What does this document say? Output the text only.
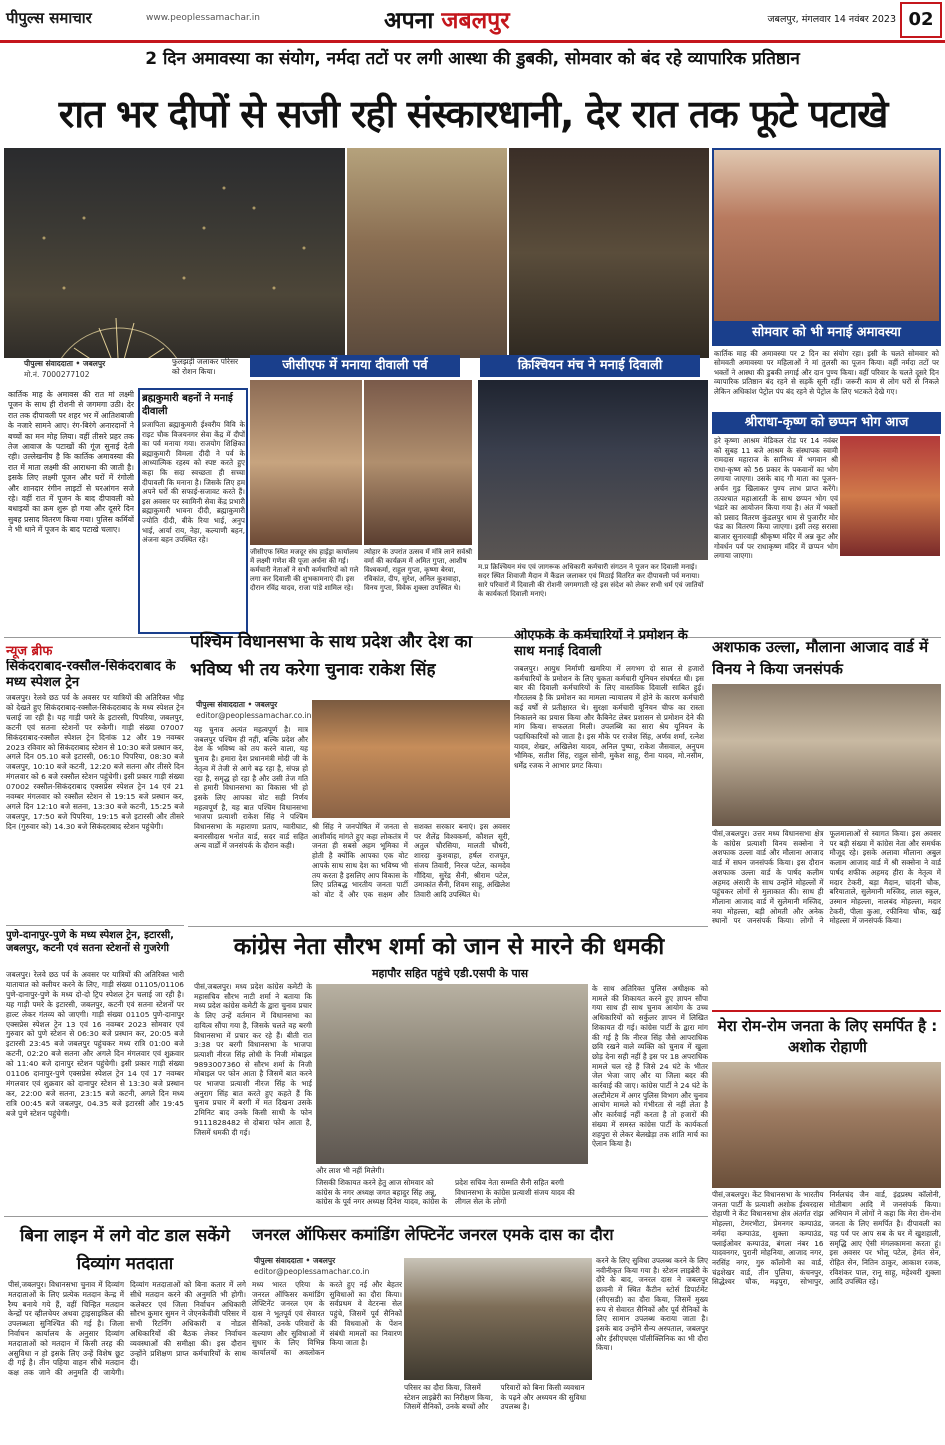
पीपुल्स समाचार	www.peoplessamachar.in	अपना जबलपुर	जबलपुर, मंगलवार 14 नवंबर 2023 02
2 दिन अमावस्या का संयोग, नर्मदा तटों पर लगी आस्था की डुबकी, सोमवार को बंद रहे व्यापारिक प्रतिष्ठान
रात भर दीपों से सजी रही संस्कारधानी, देर रात तक फूटे पटाखे
सोमवार को भी मनाई अमावस्या
कार्तिक माह की अमावस्या पर 2 दिन का संयोग रहा। इसी के चलते सोमवार को सोमवती अमावस्या पर महिलाओं ने मां तुलसी का पूजन किया। वहीं नर्मदा तटों पर भक्तों ने आस्था की डुबकी लगाई और दान पुण्य किया। वहीं परिवार के चलते दूसरे दिन व्यापारिक प्रतिष्ठान बंद रहने से सड़कें सूनी रहीं। जरूरी काम से लोग घरों से निकले लेकिन अधिकांश पेट्रोल पंप बंद रहने से पेट्रोल के लिए भटकते देखे गए।
पीपुल्स संवाददाता • जबलपुर
मो.नं. 7000277102
फुलझड़ी जलाकर परिसर को रोशन किया।	जीसीएफ में मनाया दीवाली पर्व	क्रिश्चियन मंच ने मनाई दिवाली
कार्तिक माह के अमावस की रात मां लक्ष्मी पूजन के साथ ही रोशनी से जगमगा उठी। देर रात तक दीपावली पर शहर भर में आतिशबाजी के नजारे सामने आए। रंग-बिरंगे अनारदानों ने बच्चों का मन मोह लिया। वहीं तीसरे प्रहर तक तेज आवाज के पटाखों की गूंज सुनाई देती रही। उल्लेखनीय है कि कार्तिक अमावस्या की रात में माता लक्ष्मी की आराधना की जाती है। इसके लिए लक्ष्मी पूजन और घरों में रंगोली और शानदार रंगीन लाइटों से घरआंगन सजे रहे। वहीं रात में पूजन के बाद दीपावली को बधाइयों का क्रम शुरू हो गया और दूसरे दिन सुबह प्रसाद वितरण किया गया। पुलिस कर्मियों ने भी थाने में पूजन के बाद पटाखे चलाए।
ब्रह्मकुमारी बहनों ने मनाई दीवाली
प्रजापिता ब्रह्माकुमारी ईश्वरीय विवि के राइट चौक विजयनगर सेवा केंद्र में दीपों का पर्व मनाया गया। राजयोग शिक्षिका ब्रह्माकुमारी विमला दीदी ने पर्व के आध्यात्मिक रहस्य को स्पष्ट करते हुए कहा कि सदा स्वच्छता ही सच्चा दीपावली कि मनाना है। जिसके लिए हम अपने घरों की सफाई-सजावट करते हैं। इस अवसर पर स्वामिनी सेवा केंद्र प्रभारी ब्रह्माकुमारी भावना दीदी, ब्रह्माकुमारी ज्योति दीदी, बीके रिया भाई, अनुप भाई, आर्या राय, नेहा, कल्याणी बहन, अंजना बहन उपस्थित रहे।
जीसीएफ स्थित मजदूर संघ हाईड्रा कार्यालय में लक्ष्मी गणेश की पूजा अर्चना की गई। कर्मचारी नेताओं ने सभी कर्मचारियों को गले लगा कर दिवाली की शुभकामनाएं दीं। इस दौरान रविंद्र यादव, राजा पांडे शामिल रहे।
त्योहार के उपरांत उत्सव में मंत्रि लाने सर्वश्री वर्मा की कार्यक्रम में अमित गुप्ता, आशीष विश्वकर्मा, राहुल गुप्ता, कृष्णा बेरवा, रविकांत, दीप, सुरेश, अनिल कुशवाहा, विनय गुप्ता, विवेक शुक्ला उपस्थित थे।
म.प्र क्रिश्चियन मंच एवं जागरूक अधिकारी कर्मचारी संगठन ने पूजन कर दिवाली मनाई। सदर स्थित शिवाजी मैदान में कैंडल जलाकर एवं मिठाई वितरित कर दीपावली पर्व मनाया। सारे परिवारों में दिवाली की रोशनी जगमगाती रहे इस संदेश को लेकर सभी धर्म एवं जातियों के कार्यकर्ता दिवाली मनाएं।
श्रीराधा-कृष्ण को छप्पन भोग आज
हरे कृष्णा आश्रम मेडिकल रोड पर 14 नवंबर को सुबह 11 बजे आश्रम के संस्थापक स्वामी रामदास महाराज के सानिध्य में भगवान श्री राधा-कृष्ण को 56 प्रकार के पकवानों का भोग लगाया जाएगा। उसके बाद गौ माता का पूजन-अर्चन गुड़ खिलाकर पुण्य लाभ प्राप्त करेंगे। तत्पश्चात महाआरती के साथ छप्पन भोग एवं भंडारे का आयोजन किया गया है। अंत में भक्तों को प्रसाद वितरण कुंडलपुर धाम से पुजारीर मोर फंड का वितरण किया जाएगा। इसी तरह सरासा बाजार सुनारवाड़ी श्रीकृष्ण मंदिर में अन्न कूट और गोवर्धन पर्व पर राधाकृष्ण मंदिर में छप्पन भोग लगाया जाएगा।
न्यूज ब्रीफ
सिकंदराबाद-रक्सौल-सिकंदराबाद के मध्य स्पेशल ट्रेन
जबलपुर। रेलवे छठ पर्व के अवसर पर यात्रियों की अतिरिक्त भीड़ को देखते हुए सिकंदराबाद-रक्सौल-सिकंदराबाद के मध्य स्पेशल ट्रेन चलाई जा रही है। यह गाड़ी पमरे के इटारसी, पिपरिया, जबलपुर, कटनी एवं सतना स्टेशनों पर रुकेगी। गाड़ी संख्या 07007 सिकंदराबाद-रक्सौल स्पेशल ट्रेन दिनांक 12 और 19 नवम्बर 2023 रविवार को सिकंदराबाद स्टेशन से 10:30 बजे प्रस्थान कर, अगले दिन 05.10 बजे इटारसी, 06:10 पिपरिया, 08:30 बजे जबलपुर, 10:10 बजे कटनी, 12:20 बजे सतना और तीसरे दिन मंगलवार को 6 बजे रक्सौल स्टेशन पहुंचेगी। इसी प्रकार गाड़ी संख्या 07002 रक्सौल-सिकंदराबाद एक्सप्रेस स्पेशल ट्रेन 14 एवं 21 नवम्बर मंगलवार को रक्सौल स्टेशन से 19:15 बजे प्रस्थान कर, अगले दिन 12:10 बजे सतना, 13:30 बजे कटनी, 15:25 बजे जबलपुर, 17:50 बजे पिपरिया, 19:15 बजे इटारसी और तीसरे दिन (गुरुवार को) 14.30 बजे सिकंदराबाद स्टेशन पहुंचेगी।
पुणे-दानापुर-पुणे के मध्य स्पेशल ट्रेन, इटारसी, जबलपुर, कटनी एवं सतना स्टेशनों से गुजरेगी
जबलपुर। रेलवे छठ पर्व के अवसर पर यात्रियों की अतिरिक्त भारी यातायात को क्लीयर करने के लिए, गाड़ी संख्या 01105/01106 पुणे-दानापुर-पुणे के मध्य दो-दो ट्रिप स्पेशल ट्रेन चलाई जा रही है। यह गाड़ी पमरे के इटारसी, जबलपुर, कटनी एवं सतना स्टेशनों पर हाल्ट लेकर गंतव्य को जाएगी। गाड़ी संख्या 01105 पुणे-दानापुर एक्सप्रेस स्पेशल ट्रेन 13 एवं 16 नवम्बर 2023 सोमवार एवं गुरुवार को पुणे स्टेशन से 06:30 बजे प्रस्थान कर, 20:05 बजे इटारसी 23:45 बजे जबलपुर पहुंचकर मध्य रात्रि 01:00 बजे कटनी, 02:20 बजे सतना और अगले दिन मंगलवार एवं शुक्रवार को 11:40 बजे दानापुर स्टेशन पहुंचेगी। इसी प्रकार गाड़ी संख्या 01106 दानापुर-पुणे एक्सप्रेस स्पेशल ट्रेन 14 एवं 17 नवम्बर मंगलवार एवं शुक्रवार को दानापुर स्टेशन से 13:30 बजे प्रस्थान कर, 22:00 बजे सतना, 23:15 बजे कटनी, अगले दिन मध्य रात्रि 00:45 बजे जबलपुर, 04.35 बजे इटारसी और 19:45 बजे पुणे स्टेशन पहुंचेगी।
पश्चिम विधानसभा के साथ प्रदेश और देश का भविष्य भी तय करेगा चुनावः राकेश सिंह
पीपुल्स संवाददाता • जबलपुर
editor@peoplessamachar.co.in
यह चुनाव अत्यंत महत्वपूर्ण है। मात्र जबलपुर पश्चिम ही नहीं, बल्कि प्रदेश और देश के भविष्य को तय करने वाला, यह चुनाव है। हमारा देश प्रधानमंत्री मोदी जी के नेतृत्व में तेजी से आगे बढ़ रहा है, संपन्न हो रहा है, समृद्ध हो रहा है और उसी तेज गति से हमारी विधानसभा का विकास भी हो इसके लिए आपका वोट सही निर्णय महत्वपूर्ण है, यह बात पश्चिम विधानसभा भाजपा प्रत्याशी राकेश सिंह ने पश्चिम विधानसभा के महाराणा प्रताप, ग्वारीघाट, बनारसीदास भनोत वार्ड, सदर वार्ड सहित अन्य वार्डों में जनसंपर्क के दौरान कही।
श्री सिंह ने जनपोषित में जनता से आशीर्वाद मांगते हुए कहा लोकतंत्र में जनता ही सबसे अहम भूमिका में होती है क्योंकि आपका एक वोट आपके साथ साथ देश का भविष्य भी तय करता है इसलिए आप विकास के लिए प्रतिबद्ध भारतीय जनता पार्टी को वोट दें और एक सक्षम और सशक्त सरकार बनाएं। इस अवसर पर शैलेंद्र विश्वकर्मा, कौशल सूरी, अतुल चौरसिया, मालती चौधरी, शारदा कुशवाहा, हर्षल राजपूत, संजय तिवारी, निरज पटेल, कामदेव गौंदिया, सुरेंद्र सैनी, श्रीराम पटेल, उमाकांत सैनी, शिवम साहू, अखिलेश तिवारी आदि उपस्थित थे।
ओएफके के कर्मचारियों ने प्रमोशन के साथ मनाई दिवाली
जबलपुर। आयुध निर्माणी खमरिया में लगभग दो साल से हजारों कर्मचारियों के प्रमोशन के लिए चुकता कर्मचारी यूनियन संघर्षरत थी। इस बार की दिवाली कर्मचारियों के लिए वास्तविक दिवाली साबित हुई। गौरतलब है कि प्रमोशन का मामला न्यायालय में होने के कारण कर्मचारी कई वर्षों से प्रतीक्षारत थे। सुरक्षा कर्मचारी यूनियन चीफ का रास्ता निकालने का प्रयास किया और कैबिनेट लेबर प्रशासन से प्रमोशन देने की मांग किया। सफलता मिली। उपलब्धि का सारा श्रेय यूनियन के पदाधिकारियों को जाता है। इस मौके पर राजेश सिंह, अर्णव शर्मा, रत्नेश यादव, शेखर, अखिलेश यादव, अनिल पुष्पा, राकेश जैसवाल, अनुपम भौमिक, सतीश सिंह, राहुल सोनी, मुकेश साहू, रीना यादव, मो.नसीम, धर्मेंद्र रजक ने आभार प्रगट किया।
अशफाक उल्ला, मौलाना आजाद वार्ड में विनय ने किया जनसंपर्क
पीसं,जबलपुर। उत्तर मध्य विधानसभा क्षेत्र के कांग्रेस प्रत्याशी विनय सक्सेना ने अशफाक उल्ला वार्ड और मौलाना आजाद वार्ड में सघन जनसंपर्क किया। इस दौरान अशफाक उल्ला वार्ड के पार्षद कलीम अहमद अंसारी के साथ उन्होंने मोहल्लों में पहुंचकर लोगों से मुलाकात की। साथ ही मौलाना आजाद वार्ड में सुलेमानी मस्जिद, नया मोहल्ला, बड़ी ओमती और अनेक स्थानों पर जनसंपर्क किया। लोगों ने फूलमालाओं से स्वागत किया। इस अवसर पर बड़ी संख्या में कांग्रेस नेता और समर्थक मौजूद रहे। इसके अलावा मौलाना अबुल कलाम आजाद वार्ड में श्री सक्सेना ने वार्ड पार्षद शफीक अहमद हीरा के नेतृत्व में मदार टेकरी, बड़ा मैदान, चांदनी चौक, बरियाताले, सुलेमानी मस्जिद, लाल स्कूल, उस्मान मोहल्ला, नालबंद मोहल्ला, मदार टेकरी, पीला कुआ, रफीनिया चौक, खई मोहल्ला में जनसंपर्क किया।
कांग्रेस नेता सौरभ शर्मा को जान से मारने की धमकी
महापौर सहित पहुंचे एडी.एसपी के पास
पीसं,जबलपुर। मध्य प्रदेश कांग्रेस कमेटी के महासचिव सौरभ नाटी शर्मा ने बताया कि मध्य प्रदेश कांग्रेस कमेटी के द्वारा चुनाव प्रचार के लिए उन्हें वर्तमान में विधानसभा का दायित्व सौंपा गया है, जिसके चलते वह बरगी विधानसभा में प्रचार कर रहे हैं। बीती रात 3:38 पर बरगी विधानसभा के भाजपा प्रत्याशी नीरज सिंह लोधी के निजी मोबाइल 9893007360 से सौरभ शर्मा के निजी मोबाइल पर फोन आता है जिसमें बात करने पर भाजपा प्रत्याशी नीरज सिंह के भाई अनुराग सिंह बात करते हुए कहते हैं कि चुनाव प्रचार में बरगी में मत दिखना उसके 2मिनिट बाद उनके किसी साथी के फोन 9111828482 से दोबारा फोन आता है, जिसमें धमकी दी गई।
और लाश भी नहीं मिलेगी।
जिसकी शिकायत करने हेतु आज सोमवार को कांग्रेस के नगर अध्यक्ष जगत बहादुर सिंह अन्नू, कांग्रेस के पूर्व नगर अध्यक्ष दिनेश यादव, कांग्रेस के प्रदेश सचिव नेता सम्मति सैनी सहित बरगी विधानसभा के कांग्रेस प्रत्याशी संजय यादव की लीगल सेल के लोगों
के साथ अतिरिक्त पुलिस अधीक्षक को मामले की शिकायत करने हुए ज्ञापन सौंपा गया साथ ही साथ चुनाव आयोग के उच्च अधिकारियों को सर्कुलर ज्ञापन में लिखित शिकायत दी गई। कांग्रेस पार्टी के द्वारा मांग की गई है कि नीरज सिंह जैसे आपराधिक छवि रखने वाले व्यक्ति को चुनाव में खुला छोड़ देना सही नहीं है इस पर 18 अपराधिक मामले चल रहे हैं जिसे 24 घंटे के भीतर जेल भेजा जाए और या जिला बदर की कार्रवाई की जाए। कांग्रेस पार्टी ने 24 घंटे के अल्टीमेटम में अगर पुलिस विभाग और चुनाव आयोग मामले को गंभीरता से नहीं लेता है और कार्रवाई नहीं करता है तो हजारों की संख्या में समस्त कांग्रेस पार्टी के कार्यकर्ता शहपुरा से लेकर बेलखेड़ा तक शांति मार्च का ऐलान किया है।
मेरा रोम-रोम जनता के लिए समर्पित है : अशोक रोहाणी
पीसं,जबलपुर। केंट विधानसभा के भारतीय जनता पार्टी के प्रत्याशी अशोक ईश्वरदास रोहाणी ने केंट विधानसभा क्षेत्र अंतर्गत रांझ मोहल्ला, टेमरभीटा, प्रेमनगर कम्पाउंड, नर्मदा कम्पाउंड, शुक्ला कम्पाउंड, फ्लाईओवर कम्पाउंड, बंगला नंबर 16 यादवनगर, पुरानी मोहनिया, आजाद नगर, नरसिंह नगर, गुरु कॉलोनी का वार्ड, चंद्रशेखर वार्ड, तीन पुलिया, कंचनपुर, सिद्धेश्वर चौक, मढ़पुरा, सोभापुर, निर्मलचंद जैन वार्ड, इंद्रप्रस्थ कॉलोनी, मोतीबाग आदि में जनसंपर्क किया। अभियान में लोगों ने कहा कि मेरा रोम-रोम जनता के लिए समर्पित है। दीपावली का यह पर्व पर आप सब के घर में खुशहाली, समृद्धि आए ऐसी मंगलकामना करता हूं। इस अवसर पर भोलू पटेल, हेमंत सेन, रोहित सेन, नितिन ठाकुर, आकाश रजक, रविशंकर पाल, रानू साहू, महेश्वरी शुक्ला आदि उपस्थित रहे।
बिना लाइन में लगे वोट डाल सकेंगे दिव्यांग मतदाता
पीसं,जबलपुर। विधानसभा चुनाव में दिव्यांग मतदाताओं के लिए प्रत्येक मतदान केन्द्र में रैम्प बनाये गये हैं, वहीं चिन्हित मतदान केन्द्रों पर व्हीलचेयर अथवा ट्राइसाइकिल की उपलब्धता सुनिश्चित की गई है। जिला निर्वाचन कार्यालय के अनुसार दिव्यांग मतदाताओं को मतदान में किसी तरह की असुविधा न हो इसके लिए उन्हें विशेष छूट दी गई है। तीन पहिया वाहन सीधे मतदान कक्ष तक जाने की अनुमति दी जायेगी। दिव्यांग मतदाताओं को बिना कतार में लगे सीधे मतदान करने की अनुमति भी होगी। कलेक्टर एवं जिला निर्वाचन अधिकारी सौरभ कुमार सुमन ने जेएनकेवीवी परिसर में सभी रिटर्निंग अधिकारी व नोडल अधिकारियों की बैठक लेकर निर्वाचन व्यवस्थाओं की समीक्षा की। इस दौरान उन्होंने प्रशिक्षण प्राप्त कर्मचारियों के साथ दी।
जनरल ऑफिसर कमांडिंग लेफ्टिनेंट जनरल एमके दास का दौरा
पीपुल्स संवाददाता • जबलपुर
editor@peoplessamachar.co.in
मध्य भारत एरिया के जनरल ऑफिसर कमांडिंग लेफ्टिनेंट जनरल एम के दास ने भूतपूर्व एवं सेवारत सैनिकों, उनके परिवारों के कल्याण और सुविधाओं में सुधार के लिए विभिन्न कार्यालयों का अवलोकन करते हुए नई और बेहतर सुविधाओं का दौरा किया। सर्वप्रथम वे वेटरन्स सेल पहुंचे, जिसमें पूर्व सैनिकों की विधवाओं के पेंशन संबंधी मामलों का निवारण किया जाता है।
परिसर का दौरा किया, जिसमें स्टेशन लाइब्रेरी का निरीक्षण किया, जिसमें सैनिकों, उनके बच्चों और परिवारों को बिना किसी व्यवधान के पढ़ने और अध्ययन की सुविधा उपलब्ध है।
करने के लिए सुविधा उपलब्ध करने के लिए नवीनीकृत किया गया है। स्टेशन लाइब्रेरी के दौरे के बाद, जनरल दास ने जबलपुर छावनी में स्थित कैंटीन स्टोर्स डिपार्टमेंट (सीएसडी) का दौरा किया, जिसमें मुख्य रूप से सेवारत सैनिकों और पूर्व सैनिकों के लिए सामान उपलब्ध कराया जाता है। इसके बाद उन्होंने सैन्य अस्पताल, जबलपुर और ईसीएचएस पॉलीक्लिनिक का भी दौरा किया।
